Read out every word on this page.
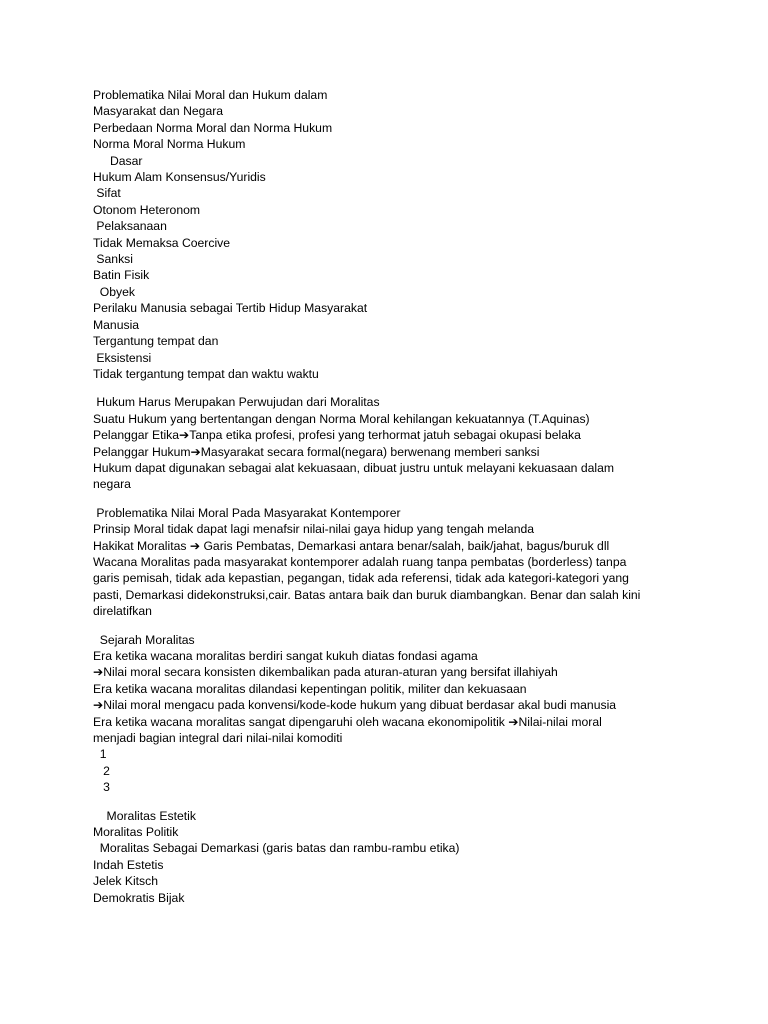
Problematika Nilai Moral dan Hukum dalam
Masyarakat dan Negara
Perbedaan Norma Moral dan Norma Hukum
Norma Moral Norma Hukum
Dasar
Hukum Alam Konsensus/Yuridis
Sifat
Otonom Heteronom
Pelaksanaan
Tidak Memaksa Coercive
Sanksi
Batin Fisik
Obyek
Perilaku Manusia sebagai Tertib Hidup Masyarakat
Manusia
Tergantung tempat dan
Eksistensi
Tidak tergantung tempat dan waktu waktu
Hukum Harus Merupakan Perwujudan dari Moralitas
Suatu Hukum yang bertentangan dengan Norma Moral kehilangan kekuatannya (T.Aquinas)
Pelanggar Etika➔Tanpa etika profesi, profesi yang terhormat jatuh sebagai okupasi belaka
Pelanggar Hukum➔Masyarakat secara formal(negara) berwenang memberi sanksi
Hukum dapat digunakan sebagai alat kekuasaan, dibuat justru untuk melayani kekuasaan dalam
negara
Problematika Nilai Moral Pada Masyarakat Kontemporer
Prinsip Moral tidak dapat lagi menafsir nilai-nilai gaya hidup yang tengah melanda
Hakikat Moralitas ➔ Garis Pembatas, Demarkasi antara benar/salah, baik/jahat, bagus/buruk dll
Wacana Moralitas pada masyarakat kontemporer adalah ruang tanpa pembatas (borderless) tanpa
garis pemisah, tidak ada kepastian, pegangan, tidak ada referensi, tidak ada kategori-kategori yang
pasti, Demarkasi didekonstruksi,cair. Batas antara baik dan buruk diambangkan. Benar dan salah kini
direlatifkan
Sejarah Moralitas
Era ketika wacana moralitas berdiri sangat kukuh diatas fondasi agama
➔Nilai moral secara konsisten dikembalikan pada aturan-aturan yang bersifat illahiyah
Era ketika wacana moralitas dilandasi kepentingan politik, militer dan kekuasaan
➔Nilai moral mengacu pada konvensi/kode-kode hukum yang dibuat berdasar akal budi manusia
Era ketika wacana moralitas sangat dipengaruhi oleh wacana ekonomipolitik ➔Nilai-nilai moral
menjadi bagian integral dari nilai-nilai komoditi
1
2
3
Moralitas Estetik
Moralitas Politik
Moralitas Sebagai Demarkasi (garis batas dan rambu-rambu etika)
Indah Estetis
Jelek Kitsch
Demokratis Bijak
